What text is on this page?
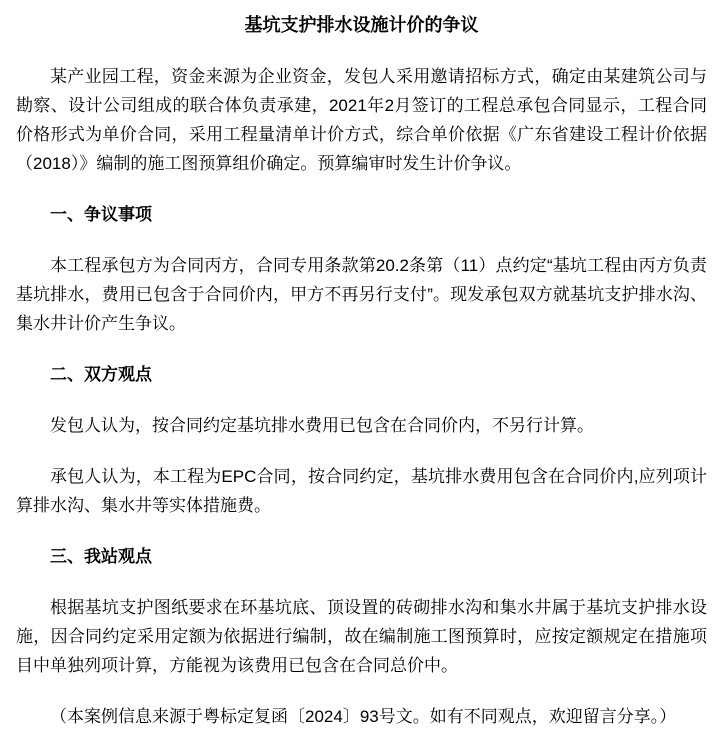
基坑支护排水设施计价的争议

某产业园工程，资金来源为企业资金，发包人采用邀请招标方式，确定由某建筑公司与勘察、设计公司组成的联合体负责承建，2021年2月签订的工程总承包合同显示，工程合同价格形式为单价合同，采用工程量清单计价方式，综合单价依据《广东省建设工程计价依据（2018）》编制的施工图预算组价确定。预算编审时发生计价争议。

一、争议事项

本工程承包方为合同丙方，合同专用条款第20.2条第（11）点约定“基坑工程由丙方负责基坑排水，费用已包含于合同价内，甲方不再另行支付”。现发承包双方就基坑支护排水沟、集水井计价产生争议。

二、双方观点

发包人认为，按合同约定基坑排水费用已包含在合同价内，不另行计算。

承包人认为，本工程为EPC合同，按合同约定，基坑排水费用包含在合同价内,应列项计算排水沟、集水井等实体措施费。

三、我站观点

根据基坑支护图纸要求在环基坑底、顶设置的砖砌排水沟和集水井属于基坑支护排水设施，因合同约定采用定额为依据进行编制，故在编制施工图预算时，应按定额规定在措施项目中单独列项计算，方能视为该费用已包含在合同总价中。

（本案例信息来源于粤标定复函〔2024〕93号文。如有不同观点，欢迎留言分享。）
